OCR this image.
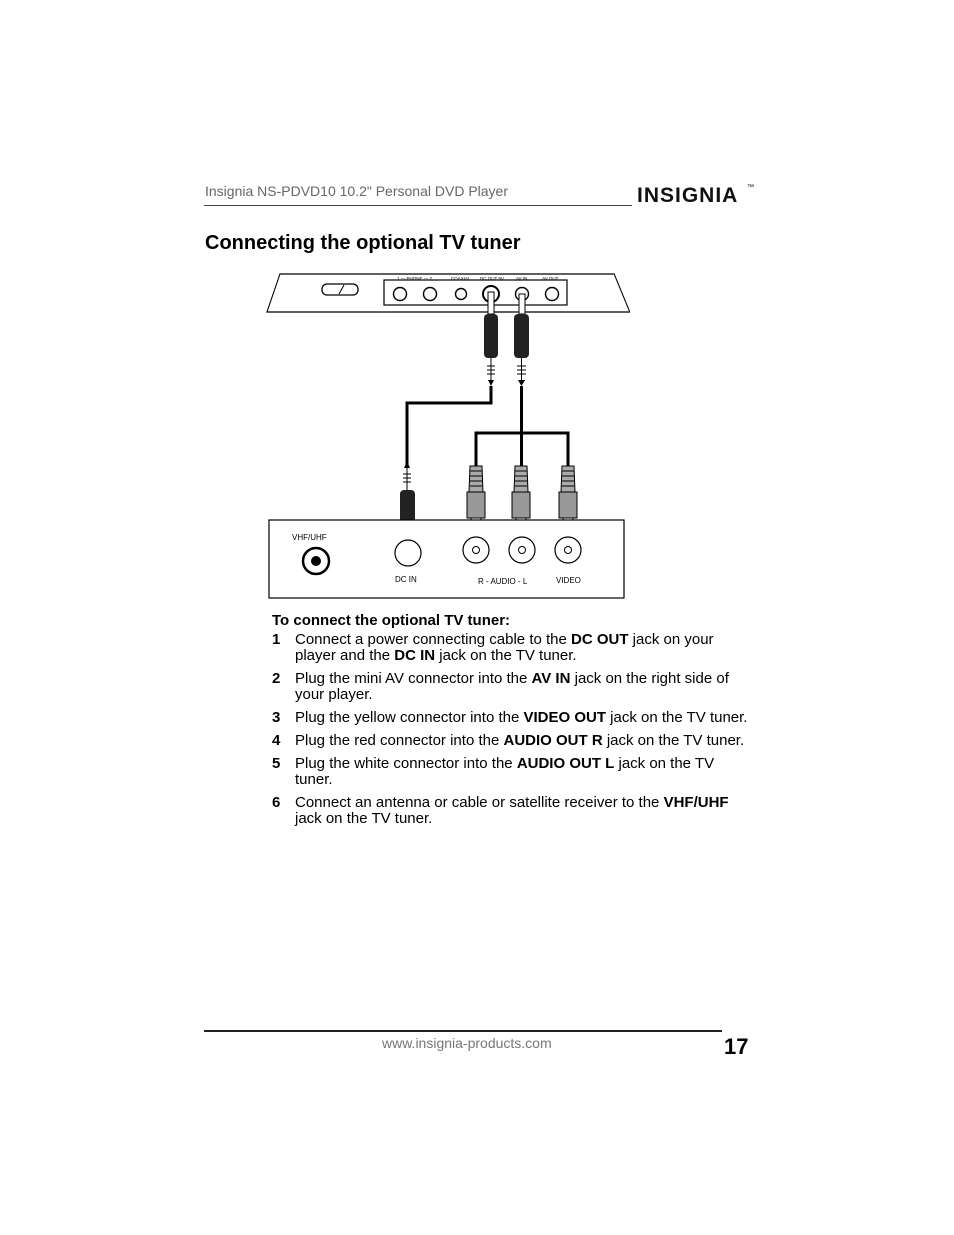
Insignia NS-PDVD10 10.2" Personal DVD Player	INSIGNIA ™
Connecting the optional TV tuner
1 — PHONE — 2	COAXIAL DC OUT 9V	AV IN	AV OUT
VHF/UHF
DC IN	R - AUDIO - L	VIDEO
To connect the optional TV tuner:
1 Connect a power connecting cable to the DC OUT jack on your player and the DC IN jack on the TV tuner.
2 Plug the mini AV connector into the AV IN jack on the right side of your player.
3 Plug the yellow connector into the VIDEO OUT jack on the TV tuner.
4 Plug the red connector into the AUDIO OUT R jack on the TV tuner.
5 Plug the white connector into the AUDIO OUT L jack on the TV tuner.
6 Connect an antenna or cable or satellite receiver to the VHF/UHF jack on the TV tuner.
www.insignia-products.com	17
